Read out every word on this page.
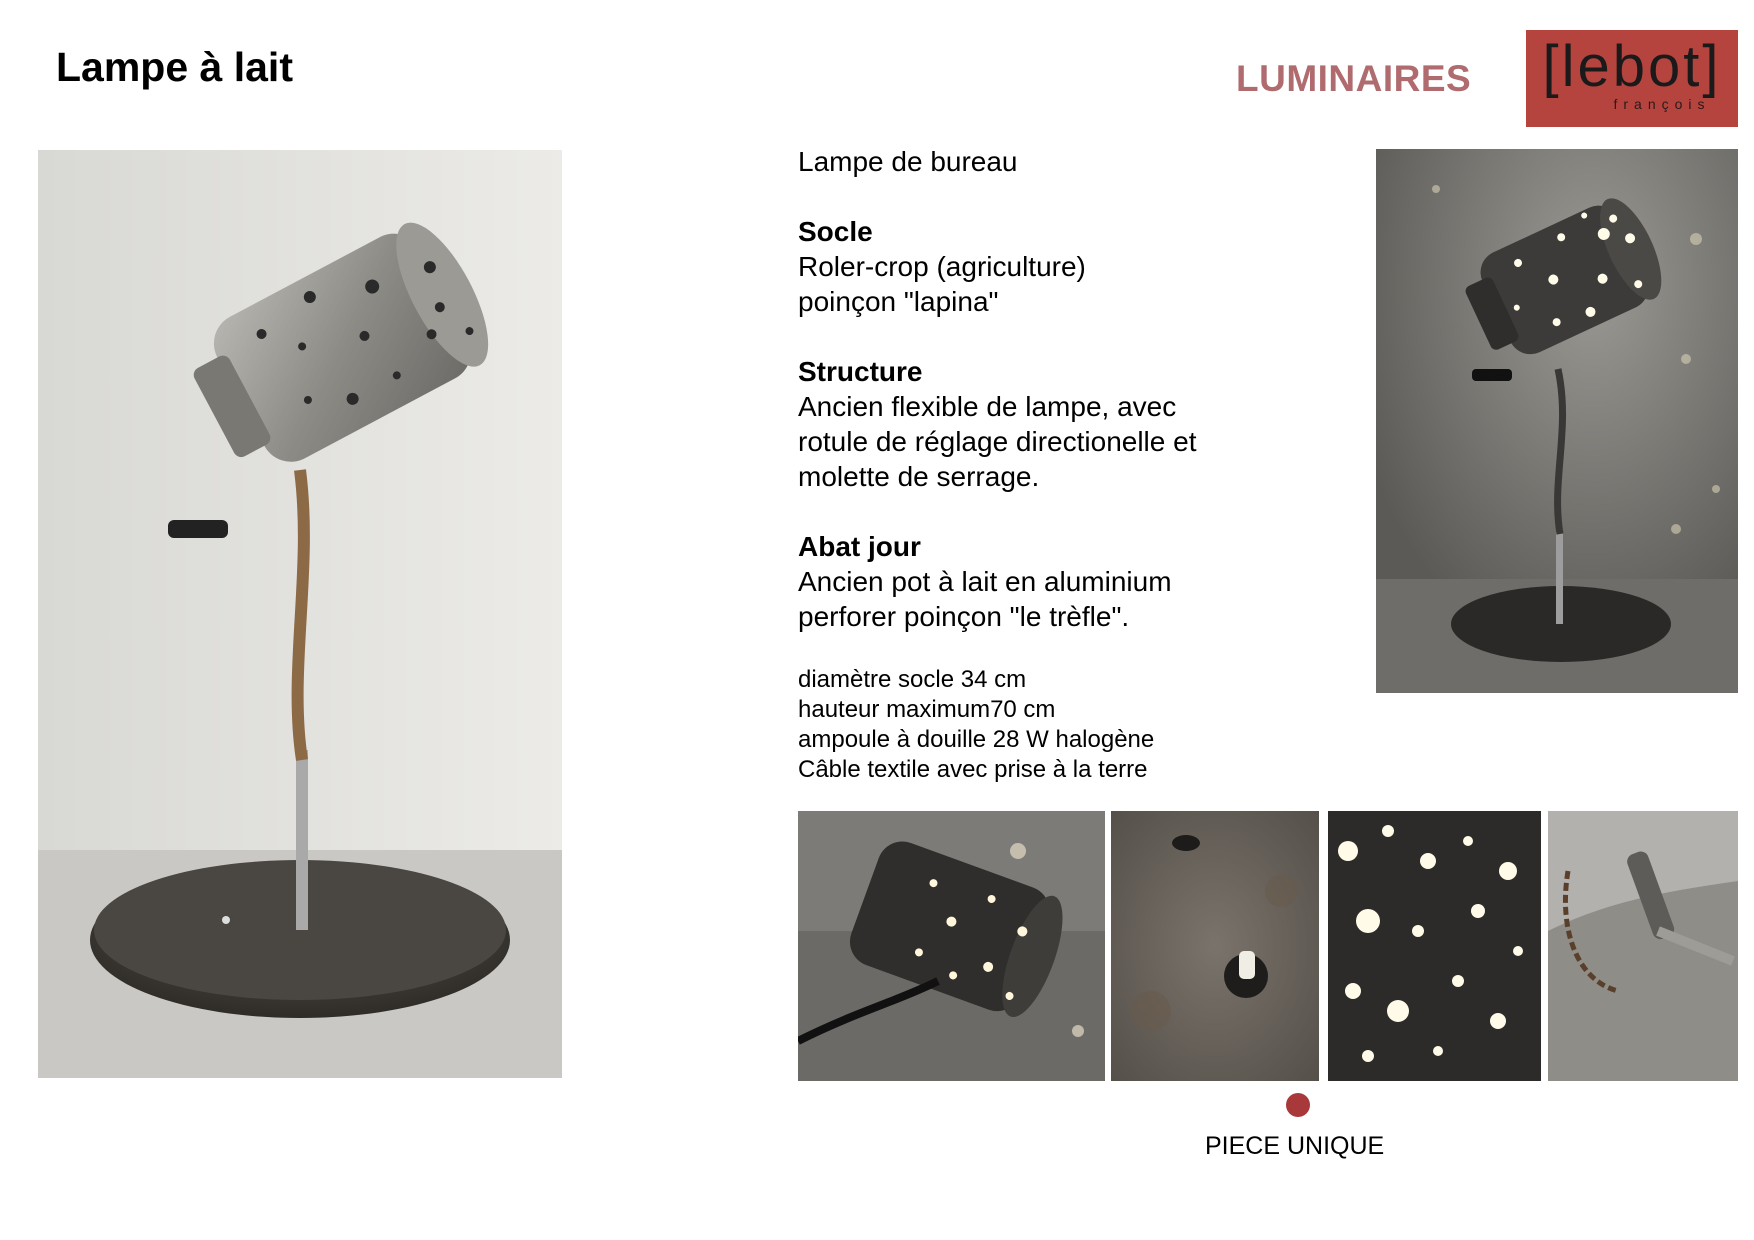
Lampe à lait	LUMINAIRES [lebot]
françois
Lampe de bureau
Socle
Roler-crop (agriculture)
poinçon "lapina"
Structure
Ancien flexible de lampe, avec
rotule de réglage directionelle et
molette de serrage.
Abat jour
Ancien pot à lait en aluminium
perforer poinçon "le trèfle".
diamètre socle 34 cm
hauteur maximum70 cm
ampoule à douille 28 W halogène
Câble textile avec prise à la terre
PIECE UNIQUE
